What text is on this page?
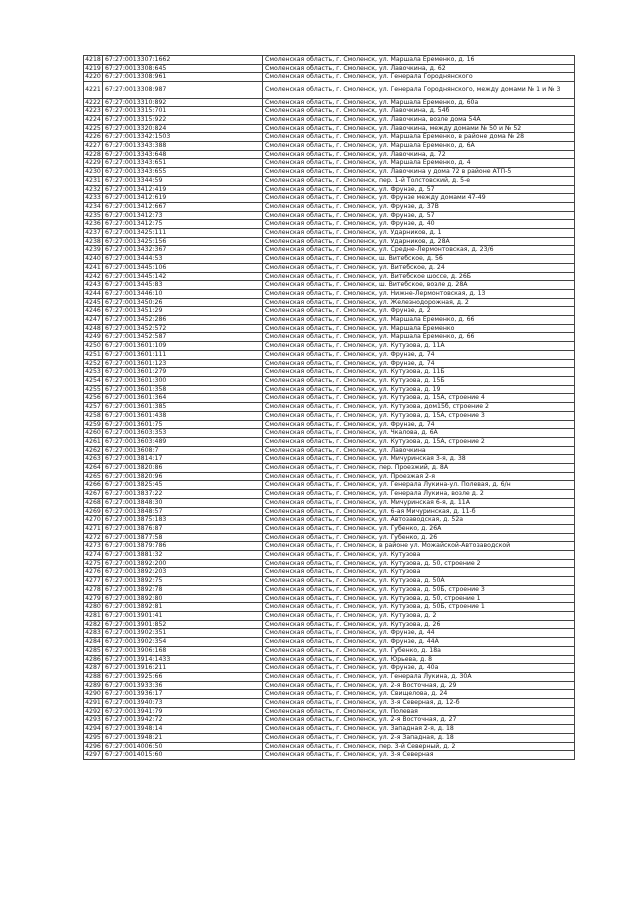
4218	67:27:0013307:1662	Смоленская область, г. Смоленск, ул. Маршала Еременко, д. 16
4219	67:27:0013308:645	Смоленская область, г. Смоленск, ул. Лавочкина, д. 62
4220	67:27:0013308:961	Смоленская область, г. Смоленск, ул. Генерала Городнянского
4221	67:27:0013308:987	Смоленская область, г. Смоленск, ул. Генерала Городнянского, между домами № 1 и № 3
4222	67:27:0013310:892	Смоленская область, г. Смоленск, ул. Маршала Еременко, д. 60а
4223	67:27:0013315:701	Смоленская область, г. Смоленск, ул. Лавочкина, д. 54б
4224	67:27:0013315:922	Смоленская область, г. Смоленск, ул. Лавочкина, возле дома 54А
4225	67:27:0013320:824	Смоленская область, г. Смоленск, ул. Лавочкина, между домами № 50 и № 52
4226	67:27:0013342:1503	Смоленская область, г. Смоленск, ул. Маршала Еременко, в районе дома № 28
4227	67:27:0013343:388	Смоленская область, г. Смоленск, ул. Маршала Еременко, д. 6А
4228	67:27:0013343:648	Смоленская область, г. Смоленск, ул. Лавочкина, д. 72
4229	67:27:0013343:651	Смоленская область, г. Смоленск, ул. Маршала Еременко, д. 4
4230	67:27:0013343:655	Смоленская область, г. Смоленск, ул. Лавочкина у дома 72 в районе АТП-5
4231	67:27:0013344:59	Смоленская область, г. Смоленск, пер. 1-й Толстовский, д. 5-е
4232	67:27:0013412:419	Смоленская область, г. Смоленск, ул. Фрунзе, д. 57
4233	67:27:0013412:619	Смоленская область, г. Смоленск, ул. Фрунзе между домами 47-49
4234	67:27:0013412:667	Смоленская область, г. Смоленск, ул. Фрунзе, д. 37В
4235	67:27:0013412:73	Смоленская область, г. Смоленск, ул. Фрунзе, д. 57
4236	67:27:0013412:75	Смоленская область, г. Смоленск, ул. Фрунзе, д. 40
4237	67:27:0013425:111	Смоленская область, г. Смоленск, ул. Ударников, д. 1
4238	67:27:0013425:156	Смоленская область, г. Смоленск, ул. Ударников, д. 28А
4239	67:27:0013432:367	Смоленская область, г. Смоленск, ул. Средне-Лермонтовская, д. 23/6
4240	67:27:0013444:53	Смоленская область, г. Смоленск, ш. Витебское, д. 56
4241	67:27:0013445:106	Смоленская область, г. Смоленск, ул. Витебское, д. 24
4242	67:27:0013445:142	Смоленская область, г. Смоленск, ул. Витебское шоссе, д. 26Б
4243	67:27:0013445:83	Смоленская область, г. Смоленск, ш. Витебское, возле д. 28А
4244	67:27:0013446:10	Смоленская область, г. Смоленск, ул. Нижне-Лермонтовская, д. 13
4245	67:27:0013450:26	Смоленская область, г. Смоленск, ул. Железнодорожная, д. 2
4246	67:27:0013451:29	Смоленская область, г. Смоленск, ул. Фрунзе, д. 2
4247	67:27:0013452:286	Смоленская область, г. Смоленск, ул. Маршала Еременко, д. 66
4248	67:27:0013452:572	Смоленская область, г. Смоленск, ул. Маршала Еременко
4249	67:27:0013452:587	Смоленская область, г. Смоленск, ул. Маршала Еременко, д. 66
4250	67:27:0013601:109	Смоленская область, г. Смоленск, ул. Кутузова, д. 11А
4251	67:27:0013601:111	Смоленская область, г. Смоленск, ул. Фрунзе, д. 74
4252	67:27:0013601:123	Смоленская область, г. Смоленск, ул. Фрунзе, д. 74
4253	67:27:0013601:279	Смоленская область, г. Смоленск, ул. Кутузова, д. 11Б
4254	67:27:0013601:300	Смоленская область, г. Смоленск, ул. Кутузова, д. 15Б
4255	67:27:0013601:358	Смоленская область, г. Смоленск, ул. Кутузова, д. 19
4256	67:27:0013601:364	Смоленская область, г. Смоленск, ул. Кутузова, д. 15А, строение 4
4257	67:27:0013601:385	Смоленская область, г. Смоленск, ул. Кутузова, дом15б, строение 2
4258	67:27:0013601:438	Смоленская область, г. Смоленск, ул. Кутузова, д. 15А, строение 3
4259	67:27:0013601:75	Смоленская область, г. Смоленск, ул. Фрунзе, д. 74
4260	67:27:0013603:353	Смоленская область, г. Смоленск, ул. Чкалова, д. 6А
4261	67:27:0013603:489	Смоленская область, г. Смоленск, ул. Кутузова, д. 15А, строение 2
4262	67:27:0013608:7	Смоленская область, г. Смоленск, ул. Лавочкина
4263	67:27:0013814:17	Смоленская область, г. Смоленск, ул. Мичуринская 3-я, д. 38
4264	67:27:0013820:86	Смоленская область, г. Смоленск, пер. Проезжий, д. 8А
4265	67:27:0013820:96	Смоленская область, г. Смоленск, ул. Проезжая 2-я
4266	67:27:0013825:45	Смоленская область, г. Смоленск, ул. Генерала Лукина-ул. Полевая, д. 6/н
4267	67:27:0013837:22	Смоленская область, г. Смоленск, ул. Генерала Лукина, возле д. 2
4268	67:27:0013848:30	Смоленская область, г. Смоленск, ул. Мичуринская 6-я, д. 11А
4269	67:27:0013848:57	Смоленская область, г. Смоленск, ул. 6-ая Мичуринская, д. 11-б
4270	67:27:0013875:183	Смоленская область, г. Смоленск, ул. Автозаводская, д. 52а
4271	67:27:0013876:87	Смоленская область, г. Смоленск, ул. Губенко, д. 26А
4272	67:27:0013877:58	Смоленская область, г. Смоленск, ул. Губенко, д. 26
4273	67:27:0013879:786	Смоленская область, г. Смоленск, в районе ул. Можайской-Автозаводской
4274	67:27:0013881:32	Смоленская область, г. Смоленск, ул. Кутузова
4275	67:27:0013892:200	Смоленская область, г. Смоленск, ул. Кутузова, д. 50, строение 2
4276	67:27:0013892:203	Смоленская область, г. Смоленск, ул. Кутузова
4277	67:27:0013892:75	Смоленская область, г. Смоленск, ул. Кутузова, д. 50А
4278	67:27:0013892:78	Смоленская область, г. Смоленск, ул. Кутузова, д. 50Б, строение 3
4279	67:27:0013892:80	Смоленская область, г. Смоленск, ул. Кутузова, д. 50, строение 1
4280	67:27:0013892:81	Смоленская область, г. Смоленск, ул. Кутузова, д. 50Б, строение 1
4281	67:27:0013901:41	Смоленская область, г. Смоленск, ул. Кутузова, д. 2
4282	67:27:0013901:852	Смоленская область, г. Смоленск, ул. Кутузова, д. 26
4283	67:27:0013902:351	Смоленская область, г. Смоленск, ул. Фрунзе, д. 44
4284	67:27:0013902:354	Смоленская область, г. Смоленск, ул. Фрунзе, д. 44А
4285	67:27:0013906:168	Смоленская область, г. Смоленск, ул. Губенко, д. 18а
4286	67:27:0013914:1433	Смоленская область, г. Смоленск, ул. Юрьева, д. 8
4287	67:27:0013916:211	Смоленская область, г. Смоленск, ул. Фрунзе, д. 40а
4288	67:27:0013925:66	Смоленская область, г. Смоленск, ул. Генерала Лукина, д. 30А
4289	67:27:0013933:36	Смоленская область, г. Смоленск, ул. 2-я Восточная, д. 29
4290	67:27:0013936:17	Смоленская область, г. Смоленск, ул. Свищелова, д. 24
4291	67:27:0013940:73	Смоленская область, г. Смоленск, ул. 3-я Северная, д. 12-б
4292	67:27:0013941:79	Смоленская область, г. Смоленск, ул. Полевая
4293	67:27:0013942:72	Смоленская область, г. Смоленск, ул. 2-я Восточная, д. 27
4294	67:27:0013948:14	Смоленская область, г. Смоленск, ул. Западная 2-я, д. 18
4295	67:27:0013948:21	Смоленская область, г. Смоленск, ул. 2-я Западная, д. 18
4296	67:27:0014006:50	Смоленская область, г. Смоленск, пер. 3-й Северный, д. 2
4297	67:27:0014015:60	Смоленская область, г. Смоленск, ул. 3-я Северная
